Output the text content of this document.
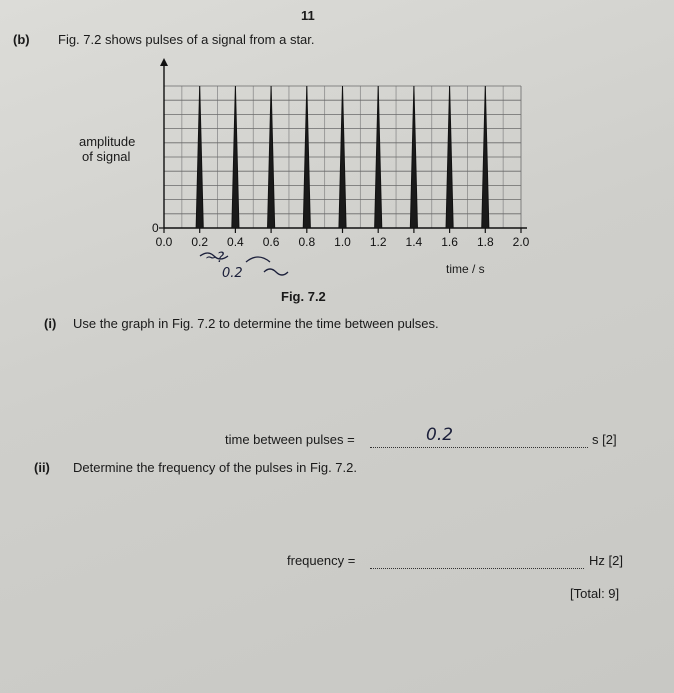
11
(b) Fig. 7.2 shows pulses of a signal from a star.
0
0.0 0.2 0.4 0.6 0.8 1.0 1.2 1.4 1.6 1.8 2.0
amplitude
of signal
time / s
Fig. 7.2
~?
0.2
(i) Use the graph in Fig. 7.2 to determine the time between pulses.
time between pulses =	0.2	s [2]
(ii) Determine the frequency of the pulses in Fig. 7.2.
frequency =	Hz [2]
[Total: 9]
